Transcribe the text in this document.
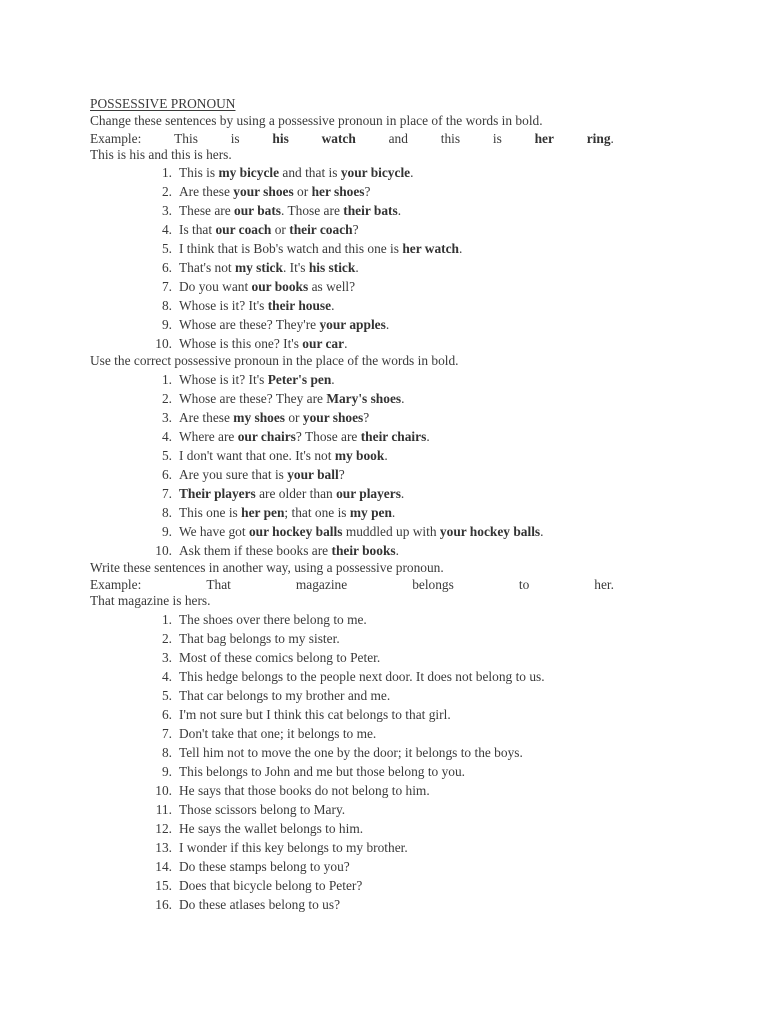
POSSESSIVE PRONOUN
Change these sentences by using a possessive pronoun in place of the words in bold.
Example: This is his watch and this is her ring.
This is his and this is hers.
1 . This is my bicycle and that is your bicycle.
2 . Are these your shoes or her shoes?
3 . These are our bats. Those are their bats.
4 . Is that our coach or their coach?
5 . I think that is Bob's watch and this one is her watch.
6 . That's not my stick. It's his stick.
7 . Do you want our books as well?
8 . Whose is it? It's their house.
9 . Whose are these? They're your apples.
10 . Whose is this one? It's our car.
Use the correct possessive pronoun in the place of the words in bold.
1 . Whose is it? It's Peter's pen.
2 . Whose are these? They are Mary's shoes.
3 . Are these my shoes or your shoes?
4 . Where are our chairs? Those are their chairs.
5 . I don't want that one. It's not my book.
6 . Are you sure that is your ball?
7 . Their players are older than our players.
8 . This one is her pen; that one is my pen.
9 . We have got our hockey balls muddled up with your hockey balls.
10 . Ask them if these books are their books.
Write these sentences in another way, using a possessive pronoun.
Example:	That	magazine	belongs	to	her.
That magazine is hers.
1 . The shoes over there belong to me.
2 . That bag belongs to my sister.
3 . Most of these comics belong to Peter.
4 . This hedge belongs to the people next door. It does not belong to us.
5 . That car belongs to my brother and me.
6 . I'm not sure but I think this cat belongs to that girl.
7 . Don't take that one; it belongs to me.
8 . Tell him not to move the one by the door; it belongs to the boys.
9 . This belongs to John and me but those belong to you.
10 . He says that those books do not belong to him.
11 . Those scissors belong to Mary.
12 . He says the wallet belongs to him.
13 . I wonder if this key belongs to my brother.
14 . Do these stamps belong to you?
15 . Does that bicycle belong to Peter?
16 . Do these atlases belong to us?
